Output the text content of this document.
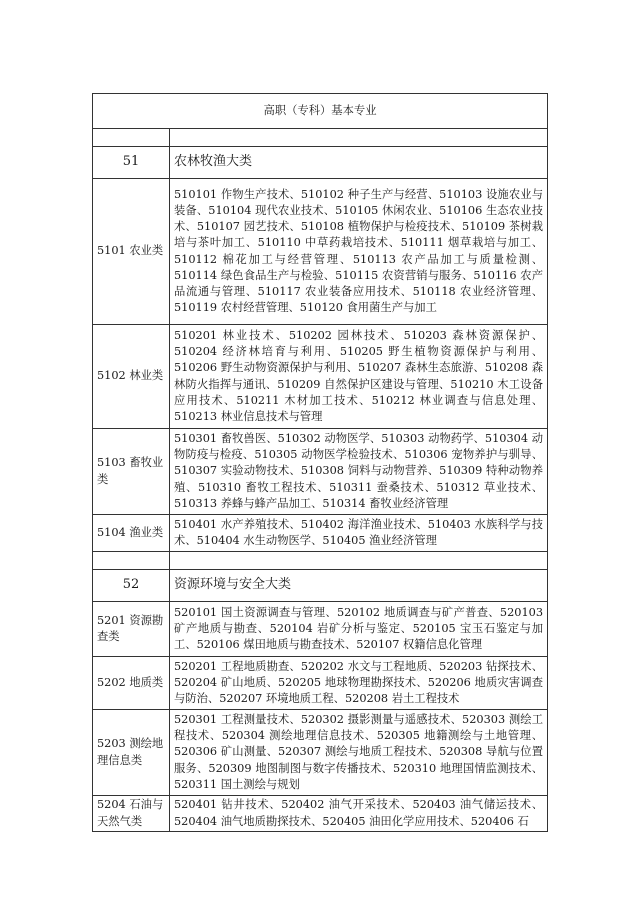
高职（专科）基本专业	

51	农林牧渔大类
5101 农业类	510101 作物生产技术、510102 种子生产与经营、510103 设施农业与装备、510104 现代农业技术、510105 休闲农业、510106 生态农业技术、510107 园艺技术、510108 植物保护与检疫技术、510109 茶树栽培与茶叶加工、510110 中草药栽培技术、510111 烟草栽培与加工、510112 棉花加工与经营管理、510113 农产品加工与质量检测、510114 绿色食品生产与检验、510115 农资营销与服务、510116 农产品流通与管理、510117 农业装备应用技术、510118 农业经济管理、510119 农村经营管理、510120 食用菌生产与加工
5102 林业类	510201 林业技术、510202 园林技术、510203 森林资源保护、510204 经济林培育与利用、510205 野生植物资源保护与利用、510206 野生动物资源保护与利用、510207 森林生态旅游、510208 森林防火指挥与通讯、510209 自然保护区建设与管理、510210 木工设备应用技术、510211 木材加工技术、510212 林业调查与信息处理、510213 林业信息技术与管理
5103 畜牧业类	510301 畜牧兽医、510302 动物医学、510303 动物药学、510304 动物防疫与检疫、510305 动物医学检验技术、510306 宠物养护与驯导、510307 实验动物技术、510308 饲料与动物营养、510309 特种动物养殖、510310 畜牧工程技术、510311 蚕桑技术、510312 草业技术、510313 养蜂与蜂产品加工、510314 畜牧业经济管理
5104 渔业类	510401 水产养殖技术、510402 海洋渔业技术、510403 水族科学与技术、510404 水生动物医学、510405 渔业经济管理

52	资源环境与安全大类
5201 资源勘查类	520101 国土资源调查与管理、520102 地质调查与矿产普查、520103 矿产地质与勘查、520104 岩矿分析与鉴定、520105 宝玉石鉴定与加工、520106 煤田地质与勘查技术、520107 权籍信息化管理
5202 地质类	520201 工程地质勘查、520202 水文与工程地质、520203 钻探技术、520204 矿山地质、520205 地球物理勘探技术、520206 地质灾害调查与防治、520207 环境地质工程、520208 岩土工程技术
5203 测绘地理信息类	520301 工程测量技术、520302 摄影测量与遥感技术、520303 测绘工程技术、520304 测绘地理信息技术、520305 地籍测绘与土地管理、520306 矿山测量、520307 测绘与地质工程技术、520308 导航与位置服务、520309 地图制图与数字传播技术、520310 地理国情监测技术、520311 国土测绘与规划
5204 石油与天然气类	520401 钻井技术、520402 油气开采技术、520403 油气储运技术、520404 油气地质勘探技术、520405 油田化学应用技术、520406 石
